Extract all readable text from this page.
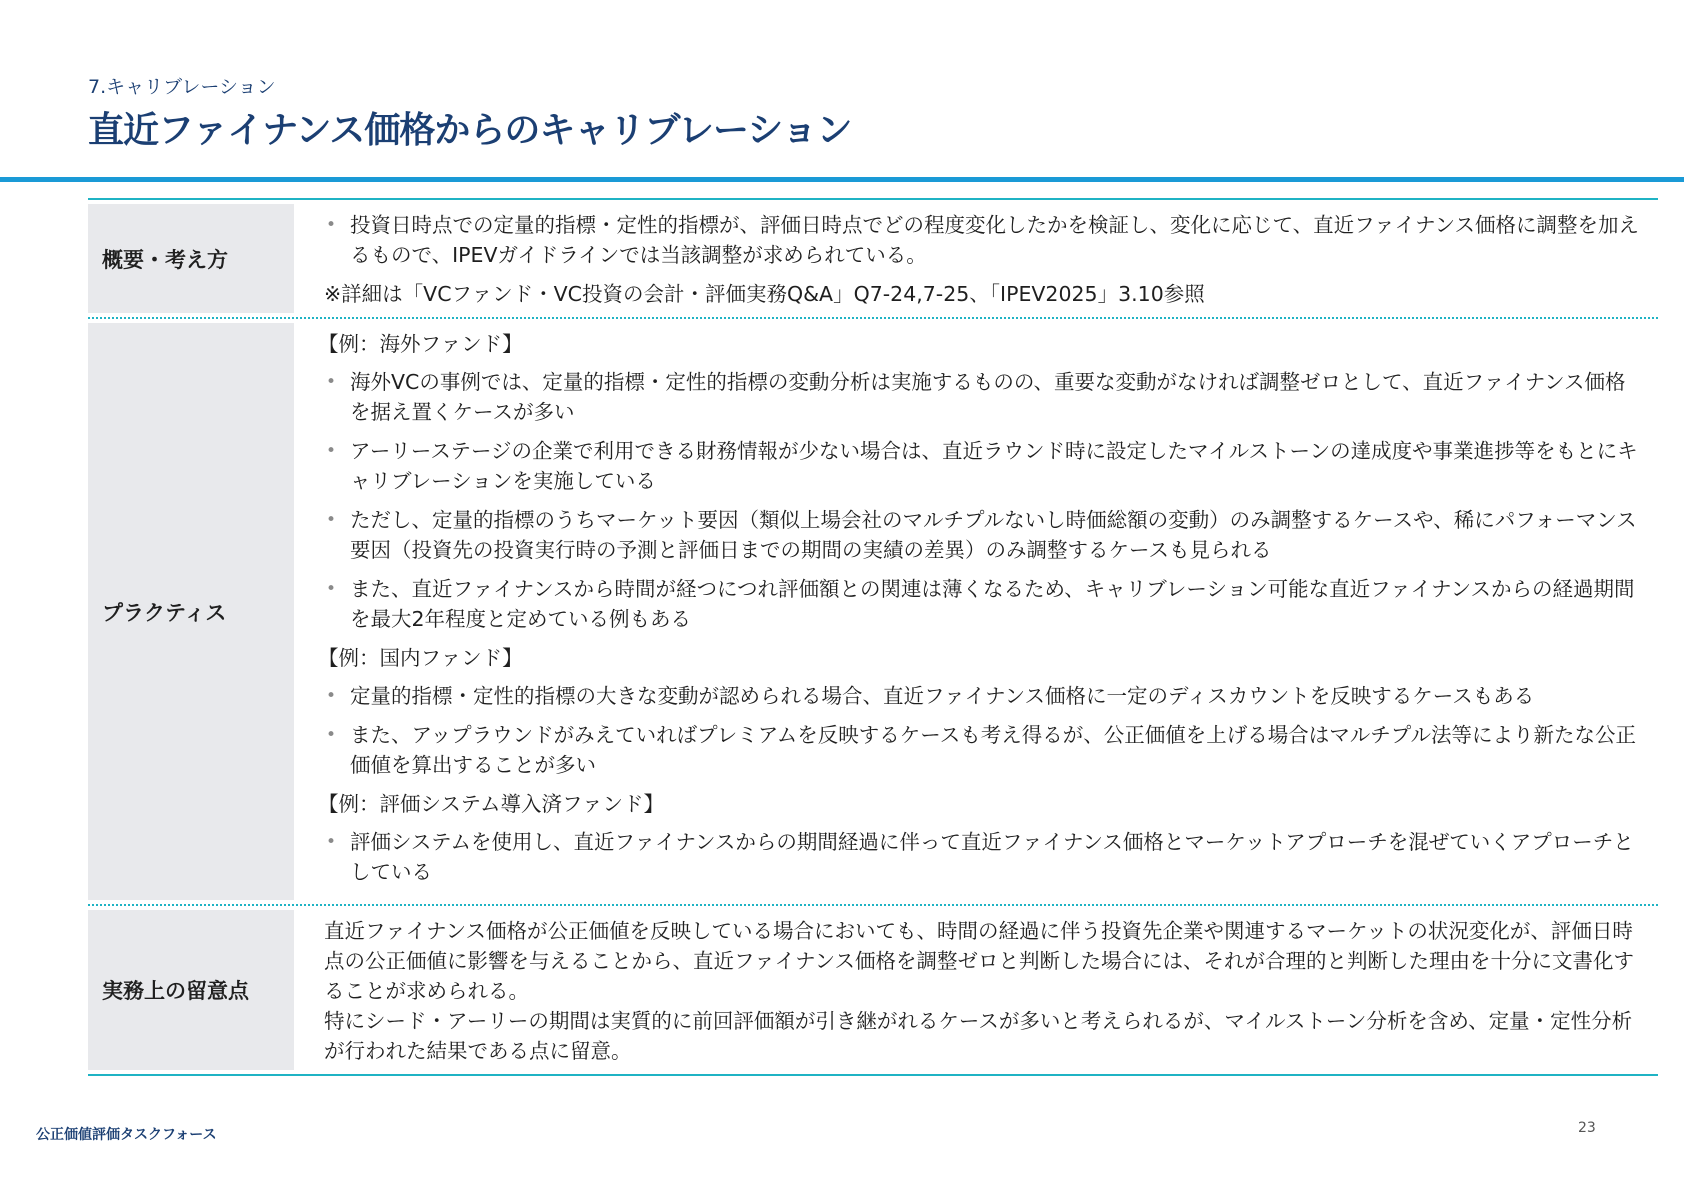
7.キャリブレーション
直近ファイナンス価格からのキャリブレーション
概要・考え方

• 投資日時点での定量的指標・定性的指標が、評価日時点でどの程度変化したかを検証し、変化に応じて、直近ファイナンス価格に調整を加えるもので、IPEVガイドラインでは当該調整が求められている。

※詳細は「VCファンド・VC投資の会計・評価実務Q&A」Q7-24,7-25、「IPEV2025」3.10参照

プラクティス

【例：海外ファンド】

• 海外VCの事例では、定量的指標・定性的指標の変動分析は実施するものの、重要な変動がなければ調整ゼロとして、直近ファイナンス価格を据え置くケースが多い

• アーリーステージの企業で利用できる財務情報が少ない場合は、直近ラウンド時に設定したマイルストーンの達成度や事業進捗等をもとにキャリブレーションを実施している

• ただし、定量的指標のうちマーケット要因（類似上場会社のマルチプルないし時価総額の変動）のみ調整するケースや、稀にパフォーマンス要因（投資先の投資実行時の予測と評価日までの期間の実績の差異）のみ調整するケースも見られる

• また、直近ファイナンスから時間が経つにつれ評価額との関連は薄くなるため、キャリブレーション可能な直近ファイナンスからの経過期間を最大2年程度と定めている例もある

【例：国内ファンド】

• 定量的指標・定性的指標の大きな変動が認められる場合、直近ファイナンス価格に一定のディスカウントを反映するケースもある

• また、アップラウンドがみえていればプレミアムを反映するケースも考え得るが、公正価値を上げる場合はマルチプル法等により新たな公正価値を算出することが多い

【例：評価システム導入済ファンド】

• 評価システムを使用し、直近ファイナンスからの期間経過に伴って直近ファイナンス価格とマーケットアプローチを混ぜていくアプローチとしている

実務上の留意点

直近ファイナンス価格が公正価値を反映している場合においても、時間の経過に伴う投資先企業や関連するマーケットの状況変化が、評価日時点の公正価値に影響を与えることから、直近ファイナンス価格を調整ゼロと判断した場合には、それが合理的と判断した理由を十分に文書化することが求められる。

特にシード・アーリーの期間は実質的に前回評価額が引き継がれるケースが多いと考えられるが、マイルストーン分析を含め、定量・定性分析が行われた結果である点に留意。

公正価値評価タスクフォース	23
